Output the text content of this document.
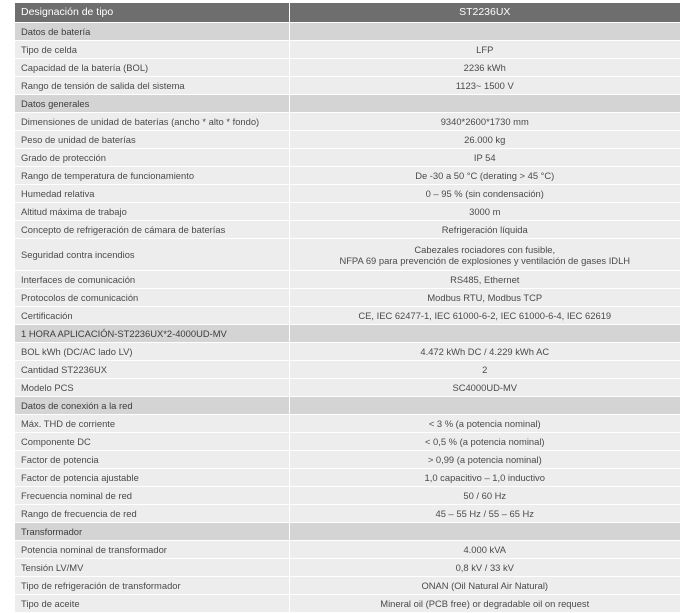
Designación de tipo	ST2236UX
Datos de batería	
Tipo de celda	LFP
Capacidad de la batería (BOL)	2236 kWh
Rango de tensión de salida del sistema	1123~ 1500 V
Datos generales	
Dimensiones de unidad de baterías (ancho * alto * fondo)	9340*2600*1730 mm
Peso de unidad de baterías	26.000 kg
Grado de protección	IP 54
Rango de temperatura de funcionamiento	De -30 a 50 °C (derating > 45 °C)
Humedad relativa	0 – 95 % (sin condensación)
Altitud máxima de trabajo	3000 m
Concepto de refrigeración de cámara de baterías	Refrigeración líquida
Seguridad contra incendios	Cabezales rociadores con fusible,
NFPA 69 para prevención de explosiones y ventilación de gases IDLH

Interfaces de comunicación	RS485, Ethernet
Protocolos de comunicación	Modbus RTU, Modbus TCP
Certificación	CE, IEC 62477-1, IEC 61000-6-2, IEC 61000-6-4, IEC 62619
1 HORA APLICACIÓN-ST2236UX*2-4000UD-MV	
BOL kWh (DC/AC lado LV)	4.472 kWh DC / 4.229 kWh AC
Cantidad ST2236UX	2
Modelo PCS	SC4000UD-MV
Datos de conexión a la red	
Máx. THD de corriente	< 3 % (a potencia nominal)
Componente DC	< 0,5 % (a potencia nominal)
Factor de potencia	> 0,99 (a potencia nominal)
Factor de potencia ajustable	1,0 capacitivo – 1,0 inductivo
Frecuencia nominal de red	50 / 60 Hz
Rango de frecuencia de red	45 – 55 Hz / 55 – 65 Hz
Transformador	
Potencia nominal de transformador	4.000 kVA
Tensión LV/MV	0,8 kV / 33 kV
Tipo de refrigeración de transformador	ONAN (Oil Natural Air Natural)
Tipo de aceite	Mineral oil (PCB free) or degradable oil on request
